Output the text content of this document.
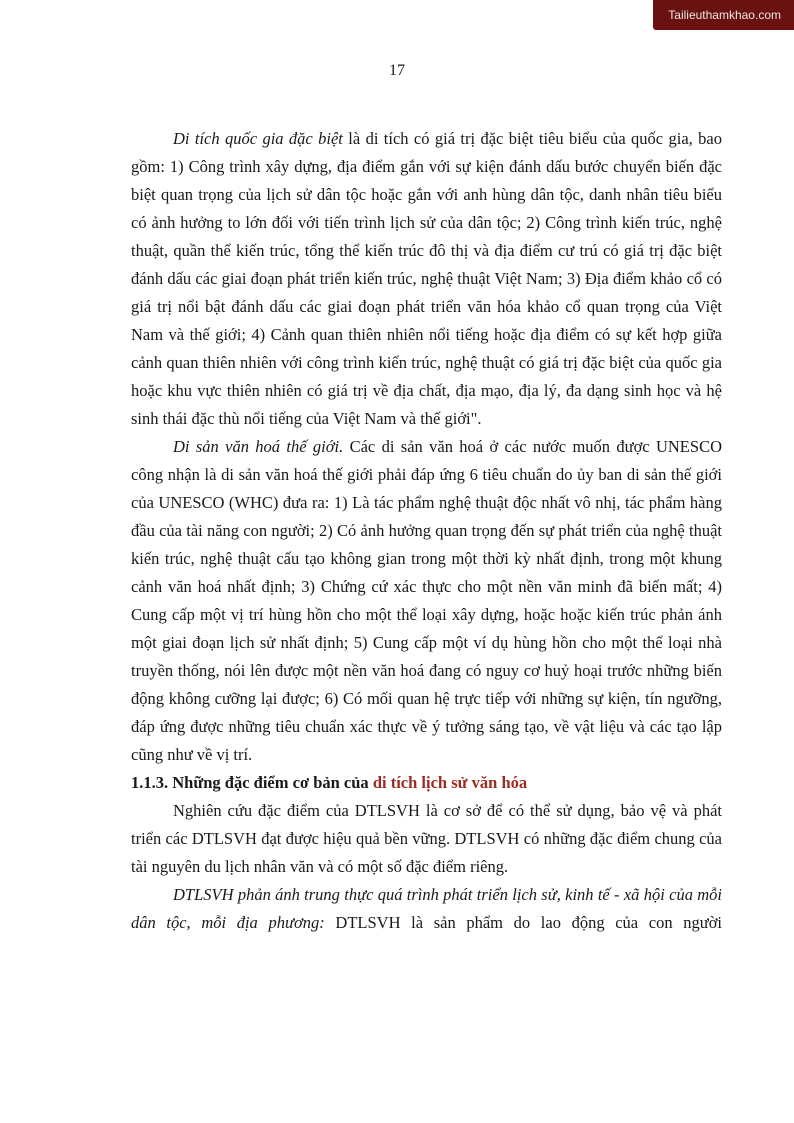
Tailieuthamkhao.com
17

Di tích quốc gia đặc biệt là di tích có giá trị đặc biệt tiêu biểu của quốc gia, bao gồm: 1) Công trình xây dựng, địa điểm gắn với sự kiện đánh dấu bước chuyển biến đặc biệt quan trọng của lịch sử dân tộc hoặc gắn với anh hùng dân tộc, danh nhân tiêu biểu có ảnh hưởng to lớn đối với tiến trình lịch sử của dân tộc; 2) Công trình kiến trúc, nghệ thuật, quần thể kiến trúc, tổng thể kiến trúc đô thị và địa điểm cư trú có giá trị đặc biệt đánh dấu các giai đoạn phát triển kiến trúc, nghệ thuật Việt Nam; 3) Địa điểm khảo cổ có giá trị nổi bật đánh dấu các giai đoạn phát triển văn hóa khảo cổ quan trọng của Việt Nam và thế giới; 4) Cảnh quan thiên nhiên nổi tiếng hoặc địa điểm có sự kết hợp giữa cảnh quan thiên nhiên với công trình kiến trúc, nghệ thuật có giá trị đặc biệt của quốc gia hoặc khu vực thiên nhiên có giá trị về địa chất, địa mạo, địa lý, đa dạng sinh học và hệ sinh thái đặc thù nổi tiếng của Việt Nam và thế giới".

Di sản văn hoá thế giới. Các di sản văn hoá ở các nước muốn được UNESCO công nhận là di sản văn hoá thế giới phải đáp ứng 6 tiêu chuẩn do ủy ban di sản thế giới của UNESCO (WHC) đưa ra: 1) Là tác phẩm nghệ thuật độc nhất vô nhị, tác phẩm hàng đầu của tài năng con người; 2) Có ảnh hưởng quan trọng đến sự phát triển của nghệ thuật kiến trúc, nghệ thuật cấu tạo không gian trong một thời kỳ nhất định, trong một khung cảnh văn hoá nhất định; 3) Chứng cứ xác thực cho một nền văn minh đã biến mất; 4) Cung cấp một vị trí hùng hồn cho một thể loại xây dựng, hoặc hoặc kiến trúc phản ánh một giai đoạn lịch sử nhất định; 5) Cung cấp một ví dụ hùng hồn cho một thể loại nhà truyền thống, nói lên được một nền văn hoá đang có nguy cơ huỷ hoại trước những biến động không cưỡng lại được; 6) Có mối quan hệ trực tiếp với những sự kiện, tín ngưỡng, đáp ứng được những tiêu chuẩn xác thực về ý tưởng sáng tạo, về vật liệu và các tạo lập cũng như về vị trí.

1.1.3. Những đặc điểm cơ bản của di tích lịch sử văn hóa

Nghiên cứu đặc điểm của DTLSVH là cơ sở để có thể sử dụng, bảo vệ và phát triển các DTLSVH đạt được hiệu quả bền vững. DTLSVH có những đặc điểm chung của tài nguyên du lịch nhân văn và có một số đặc điểm riêng.

DTLSVH phản ánh trung thực quá trình phát triển lịch sử, kinh tế - xã hội của mỗi dân tộc, mỗi địa phương: DTLSVH là sản phẩm do lao động của con người
